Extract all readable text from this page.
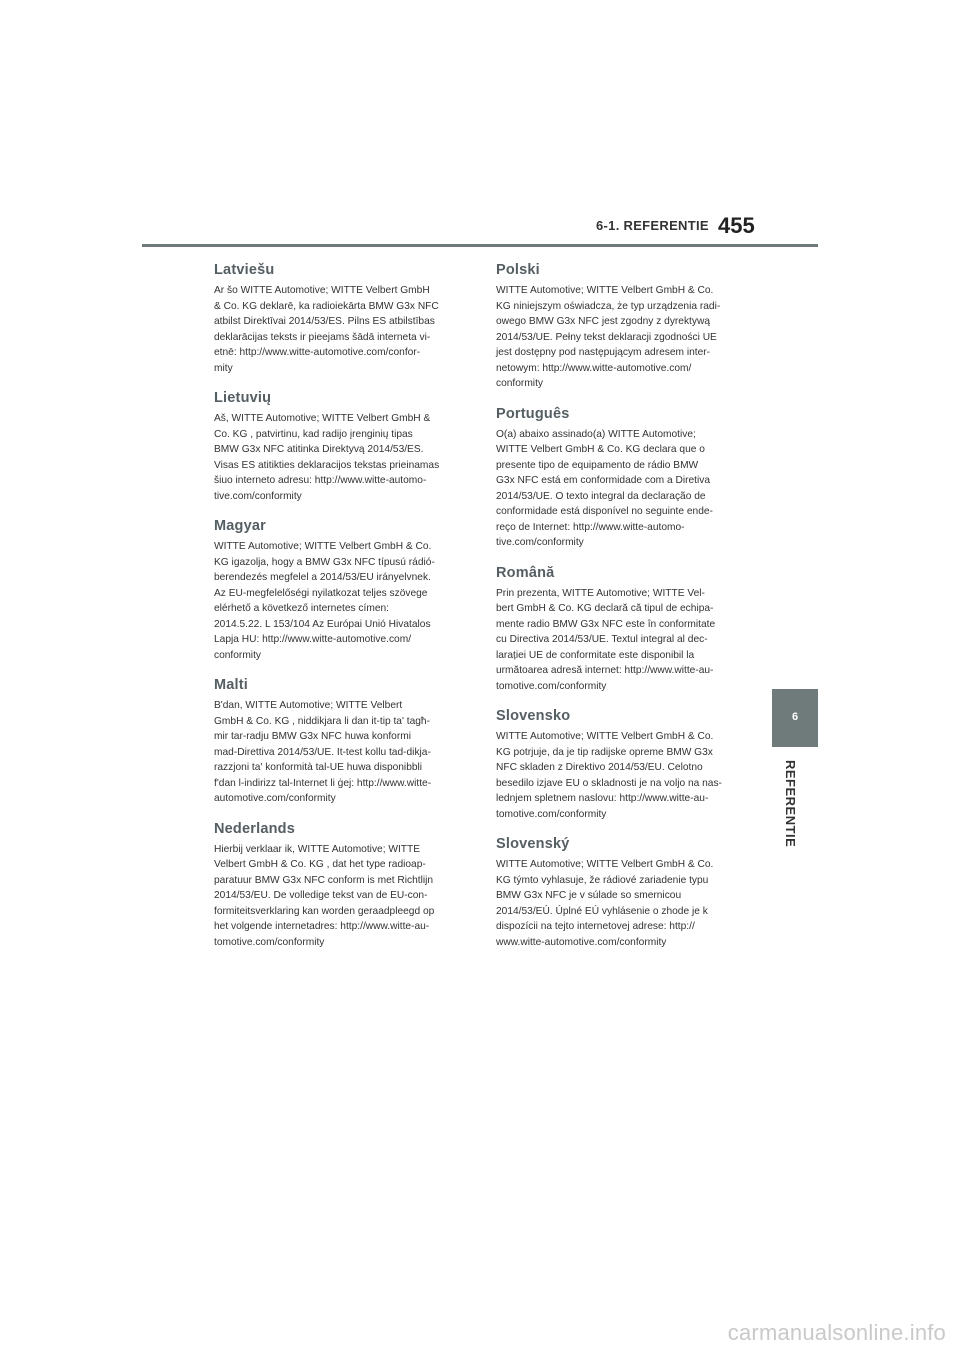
6-1. REFERENTIE 455
6
REFERENTIE
Latviešu

Ar šo WITTE Automotive; WITTE Velbert GmbH
& Co. KG deklarē, ka radioiekārta BMW G3x NFC
atbilst Direktīvai 2014/53/ES. Pilns ES atbilstības
deklarācijas teksts ir pieejams šādā interneta vi-
etnē: http://www.witte-automotive.com/confor-
mity

Lietuvių

Aš, WITTE Automotive; WITTE Velbert GmbH &
Co. KG , patvirtinu, kad radijo įrenginių tipas
BMW G3x NFC atitinka Direktyvą 2014/53/ES.
Visas ES atitikties deklaracijos tekstas prieinamas
šiuo interneto adresu: http://www.witte-automo-
tive.com/conformity

Magyar

WITTE Automotive; WITTE Velbert GmbH & Co.
KG igazolja, hogy a BMW G3x NFC típusú rádió-
berendezés megfelel a 2014/53/EU irányelvnek.
Az EU-megfelelőségi nyilatkozat teljes szövege
elérhető a következő internetes címen:
2014.5.22. L 153/104 Az Európai Unió Hivatalos
Lapja HU: http://www.witte-automotive.com/
conformity

Malti

B'dan, WITTE Automotive; WITTE Velbert
GmbH & Co. KG , niddikjara li dan it-tip ta' tagħ-
mir tar-radju BMW G3x NFC huwa konformi
mad-Direttiva 2014/53/UE. It-test kollu tad-dikja-
razzjoni ta' konformità tal-UE huwa disponibbli
f'dan l-indirizz tal-Internet li ġej: http://www.witte-
automotive.com/conformity

Nederlands

Hierbij verklaar ik, WITTE Automotive; WITTE
Velbert GmbH & Co. KG , dat het type radioap-
paratuur BMW G3x NFC conform is met Richtlijn
2014/53/EU. De volledige tekst van de EU-con-
formiteitsverklaring kan worden geraadpleegd op
het volgende internetadres: http://www.witte-au-
tomotive.com/conformity

Polski

WITTE Automotive; WITTE Velbert GmbH & Co.
KG niniejszym oświadcza, że typ urządzenia radi-
owego BMW G3x NFC jest zgodny z dyrektywą
2014/53/UE. Pełny tekst deklaracji zgodności UE
jest dostępny pod następującym adresem inter-
netowym: http://www.witte-automotive.com/
conformity

Português

O(a) abaixo assinado(a) WITTE Automotive;
WITTE Velbert GmbH & Co. KG declara que o
presente tipo de equipamento de rádio BMW
G3x NFC está em conformidade com a Diretiva
2014/53/UE. O texto integral da declaração de
conformidade está disponível no seguinte ende-
reço de Internet: http://www.witte-automo-
tive.com/conformity

Română

Prin prezenta, WITTE Automotive; WITTE Vel-
bert GmbH & Co. KG declară că tipul de echipa-
mente radio BMW G3x NFC este în conformitate
cu Directiva 2014/53/UE. Textul integral al dec-
larației UE de conformitate este disponibil la
următoarea adresă internet: http://www.witte-au-
tomotive.com/conformity

Slovensko

WITTE Automotive; WITTE Velbert GmbH & Co.
KG potrjuje, da je tip radijske opreme BMW G3x
NFC skladen z Direktivo 2014/53/EU. Celotno
besedilo izjave EU o skladnosti je na voljo na nas-
lednjem spletnem naslovu: http://www.witte-au-
tomotive.com/conformity

Slovenský

WITTE Automotive; WITTE Velbert GmbH & Co.
KG týmto vyhlasuje, že rádiové zariadenie typu
BMW G3x NFC je v súlade so smernicou
2014/53/EÚ. Úplné EÚ vyhlásenie o zhode je k
dispozícii na tejto internetovej adrese: http://
www.witte-automotive.com/conformity

carmanualsonline.info
